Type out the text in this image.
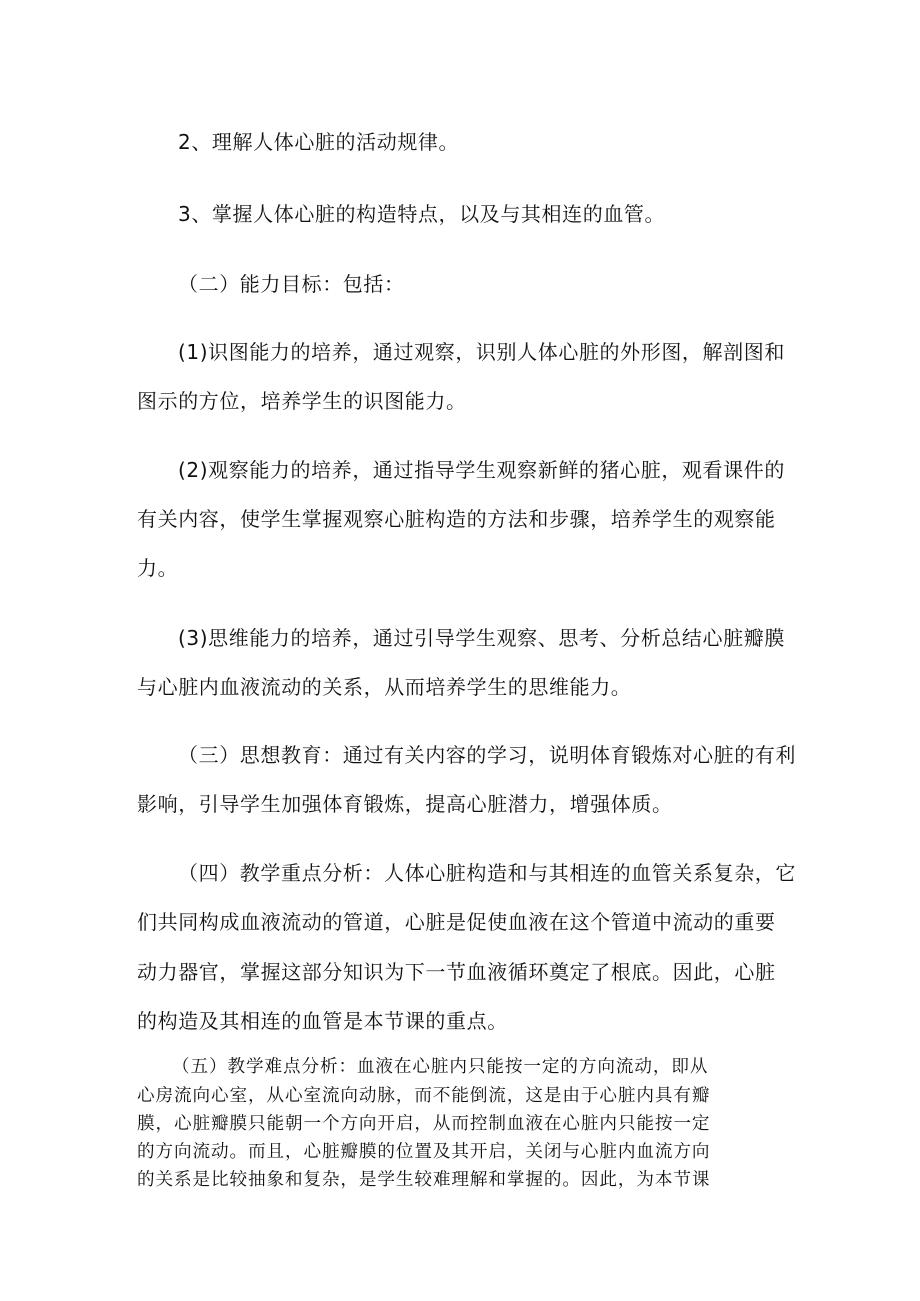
2、理解人体心脏的活动规律。
3、掌握人体心脏的构造特点，以及与其相连的血管。
（二）能力目标：包括：
(1)识图能力的培养，通过观察，识别人体心脏的外形图，解剖图和
图示的方位，培养学生的识图能力。
(2)观察能力的培养，通过指导学生观察新鲜的猪心脏，观看课件的
有关内容，使学生掌握观察心脏构造的方法和步骤，培养学生的观察能
力。
(3)思维能力的培养，通过引导学生观察、思考、分析总结心脏瓣膜
与心脏内血液流动的关系，从而培养学生的思维能力。
（三）思想教育：通过有关内容的学习，说明体育锻炼对心脏的有利
影响，引导学生加强体育锻炼，提高心脏潜力，增强体质。
（四）教学重点分析：人体心脏构造和与其相连的血管关系复杂，它
们共同构成血液流动的管道，心脏是促使血液在这个管道中流动的重要
动力器官，掌握这部分知识为下一节血液循环奠定了根底。因此，心脏
的构造及其相连的血管是本节课的重点。
（五）教学难点分析：血液在心脏内只能按一定的方向流动，即从
心房流向心室，从心室流向动脉，而不能倒流，这是由于心脏内具有瓣
膜，心脏瓣膜只能朝一个方向开启，从而控制血液在心脏内只能按一定
的方向流动。而且，心脏瓣膜的位置及其开启，关闭与心脏内血流方向
的关系是比较抽象和复杂，是学生较难理解和掌握的。因此，为本节课
